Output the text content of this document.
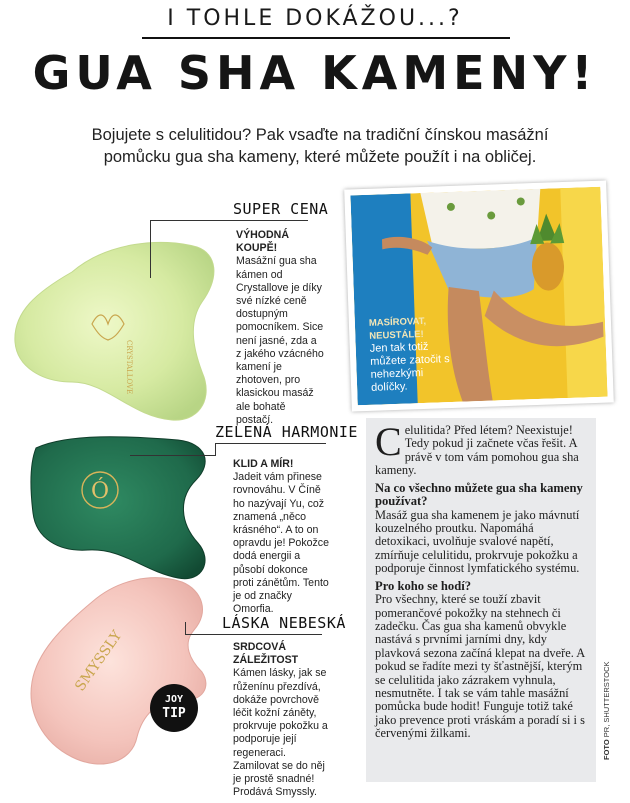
I TOHLE DOKÁŽOU...?
GUA SHA KAMENY!
Bojujete s celulitidou? Pak vsaďte na tradiční čínskou masážní pomůcku gua sha kameny, které můžete použít i na obličej.
CRYSTALLOVE
Ó
SMYSSLY
SUPER CENA
VÝHODNÁ KOUPĚ!
Masážní gua sha kámen od Crystallove je díky své nízké ceně dostupným pomocníkem. Sice není jasné, zda a z jakého vzácného kamení je zhotoven, pro klasickou masáž ale bohatě postačí.
ZELENÁ HARMONIE
KLID A MÍR!
Jadeit vám přinese rovnováhu. V Číně ho nazývají Yu, což znamená „něco krásného“. A to on opravdu je! Pokožce dodá energii a působí dokonce proti zánětům. Tento je od značky Omorfia.
LÁSKA NEBESKÁ
SRDCOVÁ ZÁLEŽITOST
Kámen lásky, jak se růženínu přezdívá, dokáže povrchově léčit kožní záněty, prokrvuje pokožku a podporuje její regeneraci. Zamilovat se do něj je prostě snadné! Prodává Smyssly.
JOY
TIP
MASÍROVAT, NEUSTÁLE!
Jen tak totiž můžete zatočit s nehezkými dolíčky.

Celulitida? Před létem? Neexistuje! Tedy pokud ji začnete včas řešit. A právě v tom vám pomohou gua sha kameny.

Na co všechno můžete gua sha kameny používat?

Masáž gua sha kamenem je jako mávnutí kouzelného proutku. Napomáhá detoxikaci, uvolňuje svalové napětí, zmírňuje celulitidu, prokrvuje pokožku a podporuje činnost lymfatického systému.

Pro koho se hodí?

Pro všechny, které se touží zbavit pomerančové pokožky na stehnech či zadečku. Čas gua sha kamenů obvykle nastává s prvními jarními dny, kdy plavková sezona začíná klepat na dveře. A pokud se řadíte mezi ty šťastnější, kterým se celulitida jako zázrakem vyhnula, nesmutněte. I tak se vám tahle masážní pomůcka bude hodit! Funguje totiž také jako prevence proti vráskám a poradí si i s červenými žilkami.

FOTO PR, SHUTTERSTOCK
